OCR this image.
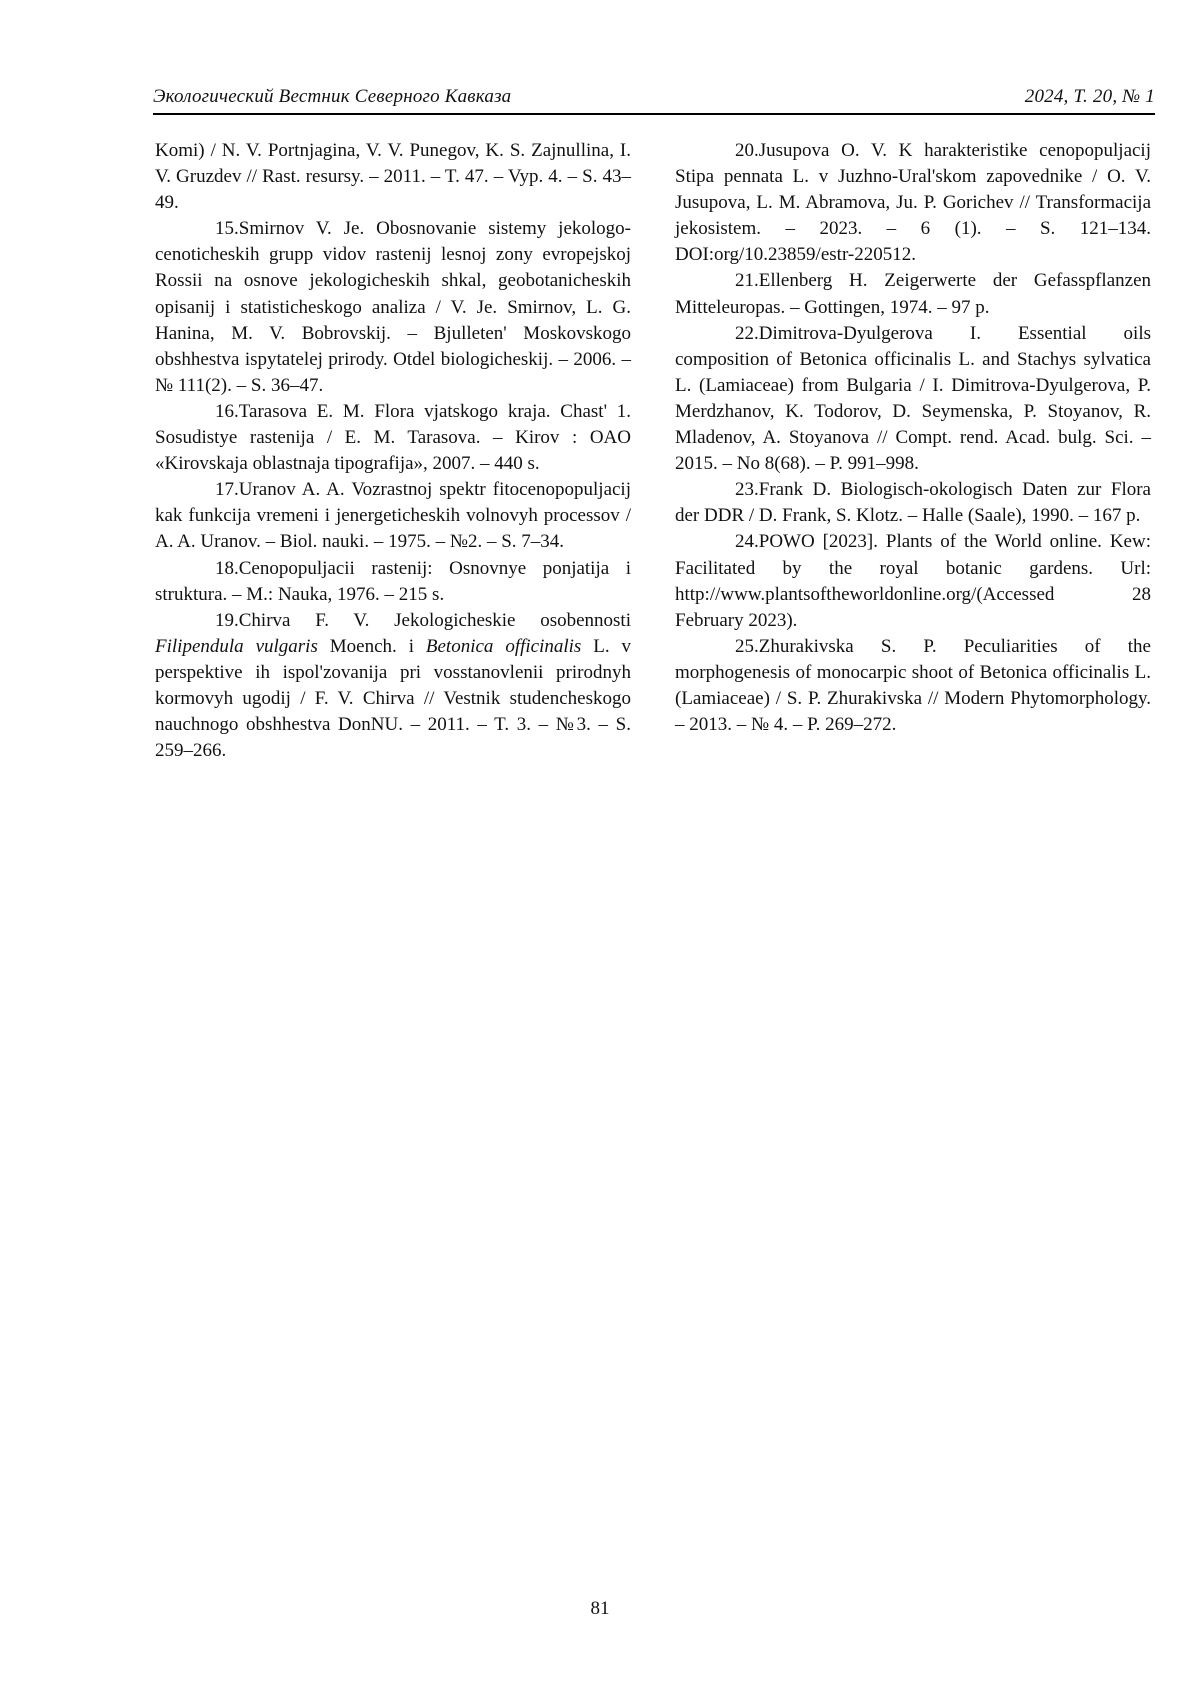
Экологический Вестник Северного Кавказа	2024, Т. 20, № 1

Komi) / N. V. Portnjagina, V. V. Punegov, K. S. Zajnullina, I. V. Gruzdev // Rast. resursy. – 2011. – T. 47. – Vyp. 4. – S. 43–49.

15.Smirnov V. Je. Obosnovanie sistemy jekologo-cenoticheskih grupp vidov rastenij lesnoj zony evropejskoj Rossii na osnove jekologicheskih shkal, geobotanicheskih opisanij i statisticheskogo analiza / V. Je. Smirnov, L. G. Hanina, M. V. Bobrovskij. – Bjulleten' Moskovskogo obshhestva ispytatelej prirody. Otdel biologicheskij. – 2006. – № 111(2). – S. 36–47.

16.Tarasova E. M. Flora vjatskogo kraja. Chast' 1. Sosudistye rastenija / E. M. Tarasova. – Kirov : OAO «Kirovskaja oblastnaja tipografija», 2007. – 440 s.

17.Uranov A. A. Vozrastnoj spektr fitocenopopuljacij kak funkcija vremeni i jenergeticheskih volnovyh processov / A. A. Uranov. – Biol. nauki. – 1975. – №2. – S. 7–34.

18.Cenopopuljacii rastenij: Osnovnye ponjatija i struktura. – M.: Nauka, 1976. – 215 s.

19.Chirva F. V. Jekologicheskie osobennosti Filipendula vulgaris Moench. i Betonica officinalis L. v perspektive ih ispol'zovanija pri vosstanovlenii prirodnyh kormovyh ugodij / F. V. Chirva // Vestnik studencheskogo nauchnogo obshhestva DonNU. – 2011. – T. 3. – №3. – S. 259–266.

20.Jusupova O. V. K harakteristike cenopopuljacij Stipa pennata L. v Juzhno-Ural'skom zapovednike / O. V. Jusupova, L. M. Abramova, Ju. P. Gorichev // Transformacija jekosistem. – 2023. – 6 (1). – S. 121–134. DOI:org/10.23859/estr-220512.

21.Ellenberg H. Zeigerwerte der Gefasspflanzen Mitteleuropas. – Gottingen, 1974. – 97 p.

22.Dimitrova-Dyulgerova I. Essential oils composition of Betonica officinalis L. and Stachys sylvatica L. (Lamiaceae) from Bulgaria / I. Dimitrova-Dyulgerova, P. Merdzhanov, K. Todorov, D. Seymenska, P. Stoyanov, R. Mladenov, A. Stoyanova // Compt. rend. Acad. bulg. Sci. – 2015. – No 8(68). – P. 991–998.

23.Frank D. Biologisch-okologisch Daten zur Flora der DDR / D. Frank, S. Klotz. – Halle (Saale), 1990. – 167 p.

24.POWO [2023]. Plants of the World online. Kew: Facilitated by the royal botanic gardens. Url: http://www.plantsoftheworldonline.org/(Accessed 28 February 2023).

25.Zhurakivska S. P. Peculiarities of the morphogenesis of monocarpic shoot of Betonica officinalis L. (Lamiaceae) / S. P. Zhurakivska // Modern Phytomorphology. – 2013. – № 4. – P. 269–272.

81
